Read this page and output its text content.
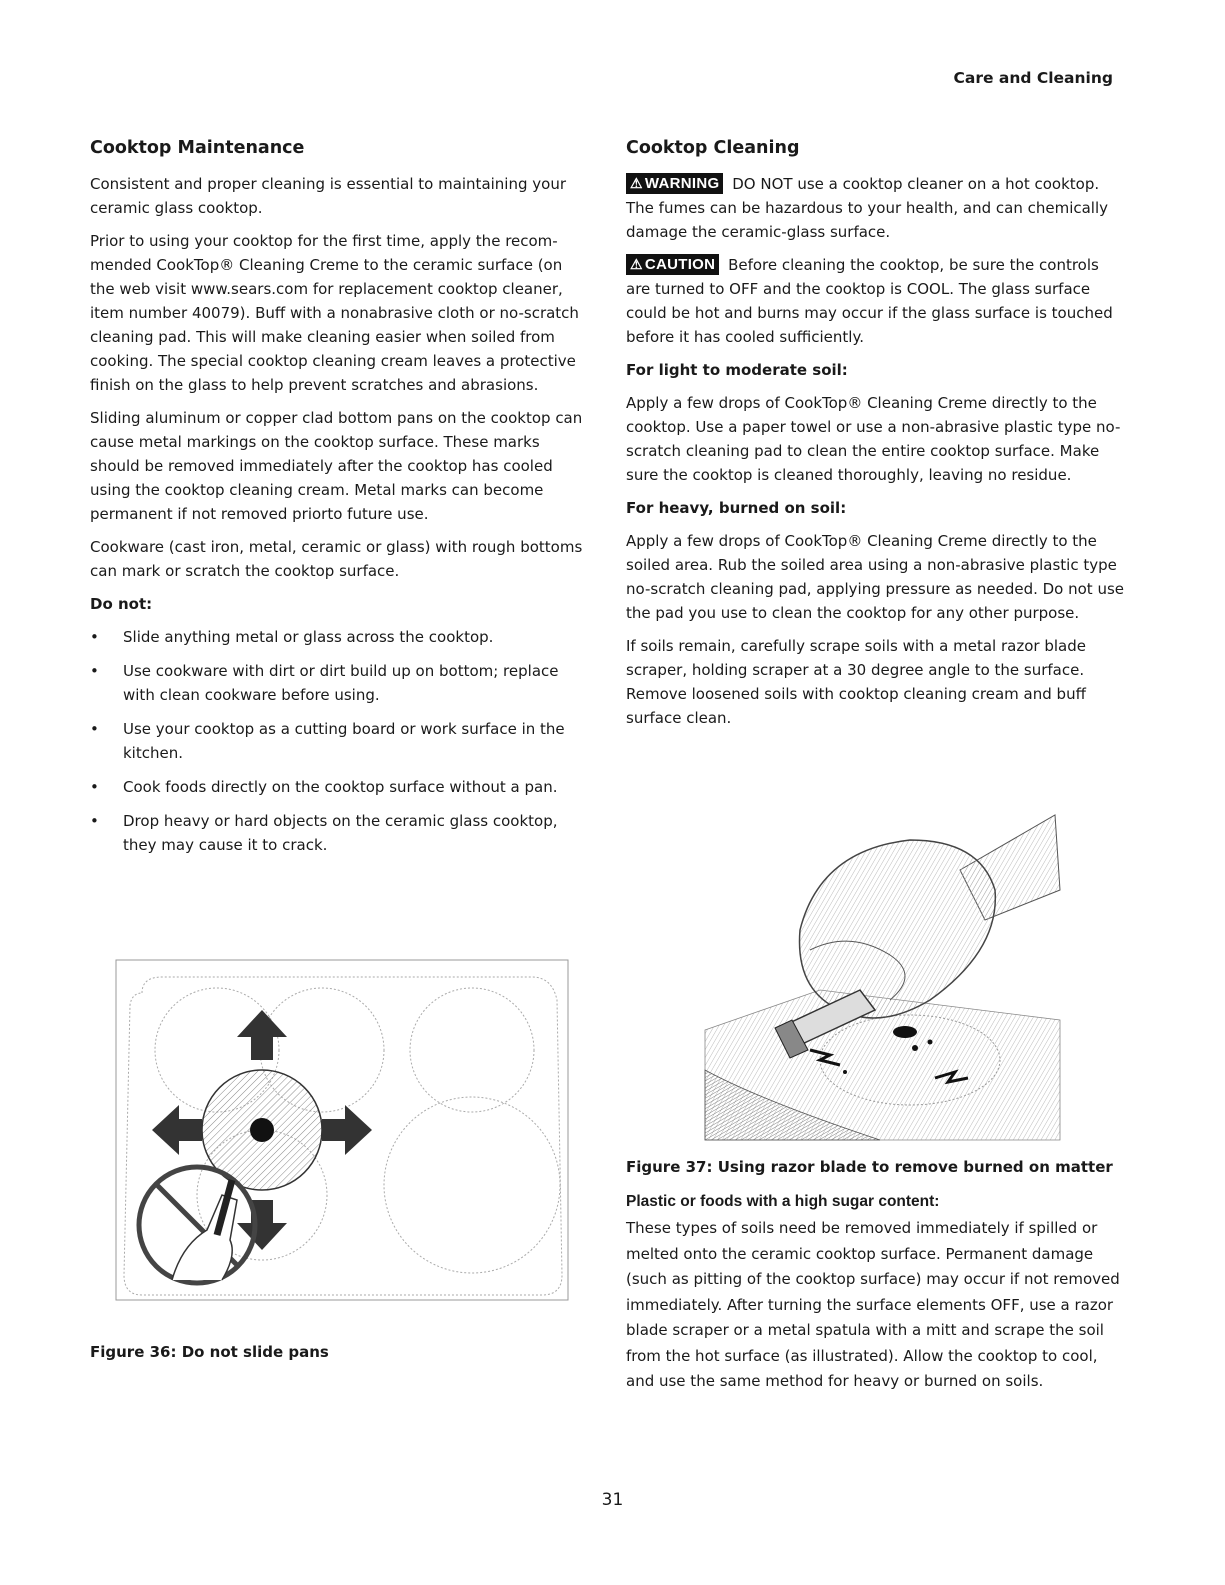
Care and Cleaning
Cooktop Maintenance

Consistent and proper cleaning is essential to maintaining your ceramic glass cooktop.

Prior to using your cooktop for the first time, apply the recom-mended CookTop® Cleaning Creme to the ceramic surface (on the web visit www.sears.com for replacement cooktop cleaner, item number 40079). Buff with a nonabrasive cloth or no-scratch cleaning pad. This will make cleaning easier when soiled from cooking. The special cooktop cleaning cream leaves a protective finish on the glass to help prevent scratches and abrasions.

Sliding aluminum or copper clad bottom pans on the cooktop can cause metal markings on the cooktop surface. These marks should be removed immediately after the cooktop has cooled using the cooktop cleaning cream. Metal marks can become permanent if not removed priorto future use.

Cookware (cast iron, metal, ceramic or glass) with rough bottoms can mark or scratch the cooktop surface.

Do not:
• Slide anything metal or glass across the cooktop.
• Use cookware with dirt or dirt build up on bottom; replace with clean cookware before using.
• Use your cooktop as a cutting board or work surface in the kitchen.
• Cook foods directly on the cooktop surface without a pan.
• Drop heavy or hard objects on the ceramic glass cooktop, they may cause it to crack.
Figure 36: Do not slide pans
Cooktop Cleaning

⚠ WARNING DO NOT use a cooktop cleaner on a hot cooktop. The fumes can be hazardous to your health, and can chemically damage the ceramic-glass surface.

⚠ CAUTION Before cleaning the cooktop, be sure the controls are turned to OFF and the cooktop is COOL. The glass surface could be hot and burns may occur if the glass surface is touched before it has cooled sufficiently.

For light to moderate soil:

Apply a few drops of CookTop® Cleaning Creme directly to the cooktop. Use a paper towel or use a non-abrasive plastic type no-scratch cleaning pad to clean the entire cooktop surface. Make sure the cooktop is cleaned thoroughly, leaving no residue.

For heavy, burned on soil:

Apply a few drops of CookTop® Cleaning Creme directly to the soiled area. Rub the soiled area using a non-abrasive plastic type no-scratch cleaning pad, applying pressure as needed. Do not use the pad you use to clean the cooktop for any other purpose.

If soils remain, carefully scrape soils with a metal razor blade scraper, holding scraper at a 30 degree angle to the surface. Remove loosened soils with cooktop cleaning cream and buff surface clean.

Figure 37: Using razor blade to remove burned on matter
Plastic or foods with a high sugar content:

These types of soils need be removed immediately if spilled or melted onto the ceramic cooktop surface. Permanent damage (such as pitting of the cooktop surface) may occur if not removed immediately. After turning the surface elements OFF, use a razor blade scraper or a metal spatula with a mitt and scrape the soil from the hot surface (as illustrated). Allow the cooktop to cool, and use the same method for heavy or burned on soils.

31
